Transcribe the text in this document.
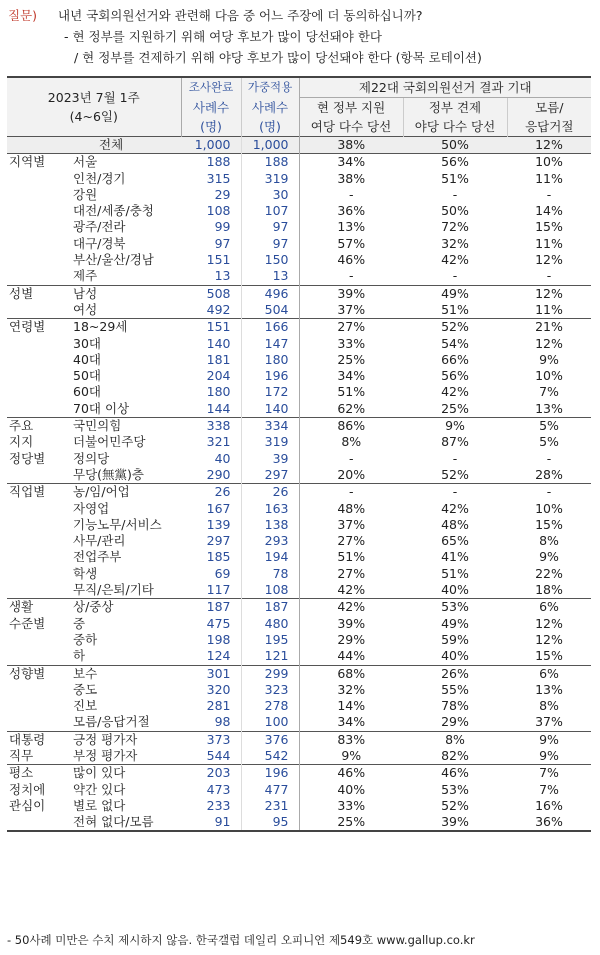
질문)	내년 국회의원선거와 관련해 다음 중 어느 주장에 더 동의하십니까?
- 현 정부를 지원하기 위해 여당 후보가 많이 당선돼야 한다
/ 현 정부를 견제하기 위해 야당 후보가 많이 당선돼야 한다 (항목 로테이션)
2023년 7월 1주
(4~6일)		조사완료	가중적용	제22대 국회의원선거 결과 기대		
		사례수	사례수	현 정부 지원	정부 견제	모름/
		(명)	(명)	여당 다수 당선	야당 다수 당선	응답거절
	전체	1,000	1,000	38%	50%	12%
지역별	서울	188	188	34%	56%	10%
	인천/경기	315	319	38%	51%	11%
	강원	29	30	-	-	-
	대전/세종/충청	108	107	36%	50%	14%
	광주/전라	99	97	13%	72%	15%
	대구/경북	97	97	57%	32%	11%
	부산/울산/경남	151	150	46%	42%	12%
	제주	13	13	-	-	-
성별	남성	508	496	39%	49%	12%
	여성	492	504	37%	51%	11%
연령별	18~29세	151	166	27%	52%	21%
	30대	140	147	33%	54%	12%
	40대	181	180	25%	66%	9%
	50대	204	196	34%	56%	10%
	60대	180	172	51%	42%	7%
	70대 이상	144	140	62%	25%	13%
주요	국민의힘	338	334	86%	9%	5%
지지	더불어민주당	321	319	8%	87%	5%
정당별	정의당	40	39	-	-	-
	무당(無黨)층	290	297	20%	52%	28%
직업별	농/임/어업	26	26	-	-	-
	자영업	167	163	48%	42%	10%
	기능노무/서비스	139	138	37%	48%	15%
	사무/관리	297	293	27%	65%	8%
	전업주부	185	194	51%	41%	9%
	학생	69	78	27%	51%	22%
	무직/은퇴/기타	117	108	42%	40%	18%
생활	상/중상	187	187	42%	53%	6%
수준별	중	475	480	39%	49%	12%
	중하	198	195	29%	59%	12%
	하	124	121	44%	40%	15%
성향별	보수	301	299	68%	26%	6%
	중도	320	323	32%	55%	13%
	진보	281	278	14%	78%	8%
	모름/응답거절	98	100	34%	29%	37%
대통령	긍정 평가자	373	376	83%	8%	9%
직무	부정 평가자	544	542	9%	82%	9%
평소	많이 있다	203	196	46%	46%	7%
정치에	약간 있다	473	477	40%	53%	7%
관심이	별로 없다	233	231	33%	52%	16%
	전혀 없다/모름	91	95	25%	39%	36%

- 50사례 미만은 수치 제시하지 않음. 한국갤럽 데일리 오피니언 제549호 www.gallup.co.kr
